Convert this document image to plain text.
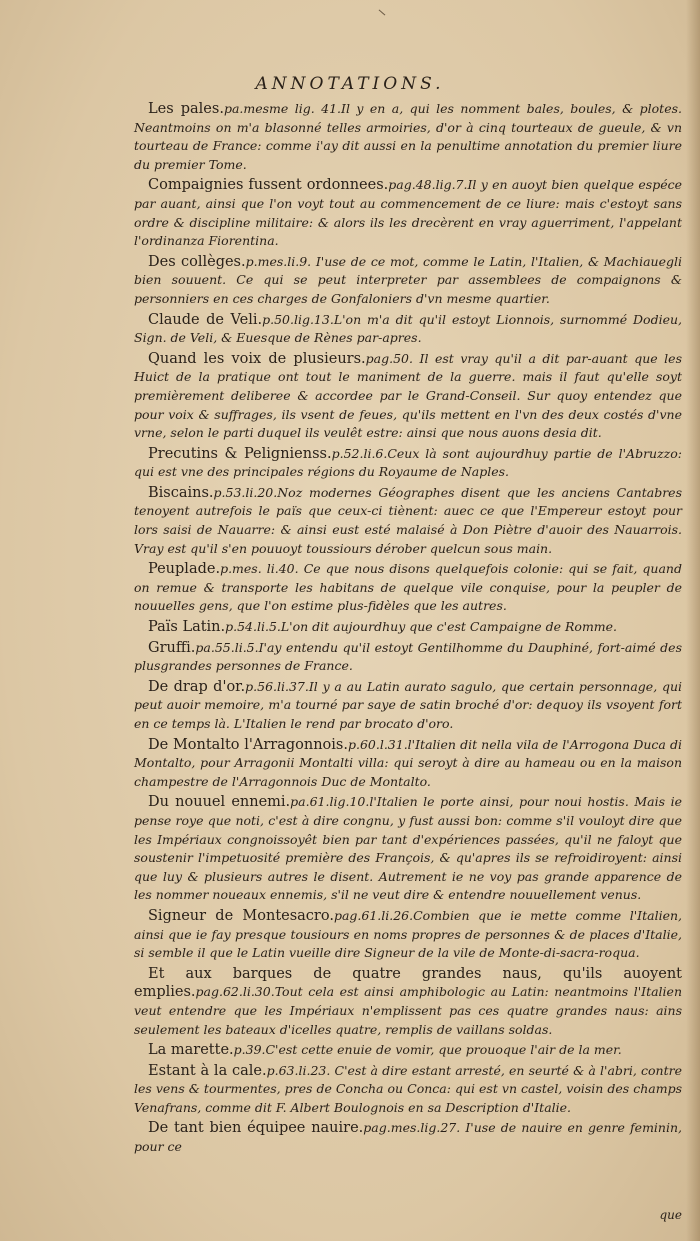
ANNOTATIONS.

Les pales.pa.mesme lig. 41.Il y en a, qui les nomment bales, boules, & plotes. Neantmoins on m'a blasonné telles armoiries, d'or à cinq tourteaux de gueule, & vn tourteau de France: comme i'ay dit aussi en la penultime annotation du premier liure du premier Tome.

Compaignies fussent ordonnees.pag.48.lig.7.Il y en auoyt bien quelque espéce par auant, ainsi que l'on voyt tout au commencement de ce liure: mais c'estoyt sans ordre & discipline militaire: & alors ils les drecèrent en vray aguerriment, l'appelant l'ordinanza Fiorentina.

Des collèges.p.mes.li.9. I'use de ce mot, comme le Latin, l'Italien, & Machiauegli bien souuent. Ce qui se peut interpreter par assemblees de compaignons & personniers en ces charges de Gonfaloniers d'vn mesme quartier.

Claude de Veli.p.50.lig.13.L'on m'a dit qu'il estoyt Lionnois, surnommé Dodieu, Sign. de Veli, & Euesque de Rènes par-apres.

Quand les voix de plusieurs.pag.50. Il est vray qu'il a dit par-auant que les Huict de la pratique ont tout le maniment de la guerre. mais il faut qu'elle soyt premièrement deliberee & accordee par le Grand-Conseil. Sur quoy entendez que pour voix & suffrages, ils vsent de feues, qu'ils mettent en l'vn des deux costés d'vne vrne, selon le parti duquel ils veulêt estre: ainsi que nous auons desia dit.

Precutins & Pelignienss.p.52.li.6.Ceux là sont aujourdhuy partie de l'Abruzzo: qui est vne des principales régions du Royaume de Naples.

Biscains.p.53.li.20.Noz modernes Géographes disent que les anciens Cantabres tenoyent autrefois le païs que ceux-ci tiènent: auec ce que l'Empereur estoyt pour lors saisi de Nauarre: & ainsi eust esté malaisé à Don Piètre d'auoir des Nauarrois. Vray est qu'il s'en pouuoyt toussiours dérober quelcun sous main.

Peuplade.p.mes. li.40. Ce que nous disons quelquefois colonie: qui se fait, quand on remue & transporte les habitans de quelque vile conquise, pour la peupler de nouuelles gens, que l'on estime plus-fidèles que les autres.

Païs Latin.p.54.li.5.L'on dit aujourdhuy que c'est Campaigne de Romme.

Gruffi.pa.55.li.5.I'ay entendu qu'il estoyt Gentilhomme du Dauphiné, fort-aimé des plusgrandes personnes de France.

De drap d'or.p.56.li.37.Il y a au Latin aurato sagulo, que certain personnage, qui peut auoir memoire, m'a tourné par saye de satin broché d'or: dequoy ils vsoyent fort en ce temps là. L'Italien le rend par brocato d'oro.

De Montalto l'Arragonnois.p.60.l.31.l'Italien dit nella vila de l'Arrogona Duca di Montalto, pour Arragonii Montalti villa: qui seroyt à dire au hameau ou en la maison champestre de l'Arragonnois Duc de Montalto.

Du nouuel ennemi.pa.61.lig.10.l'Italien le porte ainsi, pour noui hostis. Mais ie pense roye que noti, c'est à dire congnu, y fust aussi bon: comme s'il vouloyt dire que les Impériaux congnoissoyêt bien par tant d'expériences passées, qu'il ne faloyt que soustenir l'impetuosité première des François, & qu'apres ils se refroidiroyent: ainsi que luy & plusieurs autres le disent. Autrement ie ne voy pas grande apparence de les nommer noueaux ennemis, s'il ne veut dire & entendre nouuellement venus.

Signeur de Montesacro.pag.61.li.26.Combien que ie mette comme l'Italien, ainsi que ie fay presque tousiours en noms propres de personnes & de places d'Italie, si semble il que le Latin vueille dire Signeur de la vile de Monte-di-sacra-roqua.

Et aux barques de quatre grandes naus, qu'ils auoyent emplies.pag.62.li.30.Tout cela est ainsi amphibologic au Latin: neantmoins l'Italien veut entendre que les Impériaux n'emplissent pas ces quatre grandes naus: ains seulement les bateaux d'icelles quatre, remplis de vaillans soldas.

La marette.p.39.C'est cette enuie de vomir, que prouoque l'air de la mer.

Estant à la cale.p.63.li.23. C'est à dire estant arresté, en seurté & à l'abri, contre les vens & tourmentes, pres de Concha ou Conca: qui est vn castel, voisin des champs Venafrans, comme dit F. Albert Boulognois en sa Description d'Italie.

De tant bien équipee nauire.pag.mes.lig.27. I'use de nauire en genre feminin, pour ce

que
